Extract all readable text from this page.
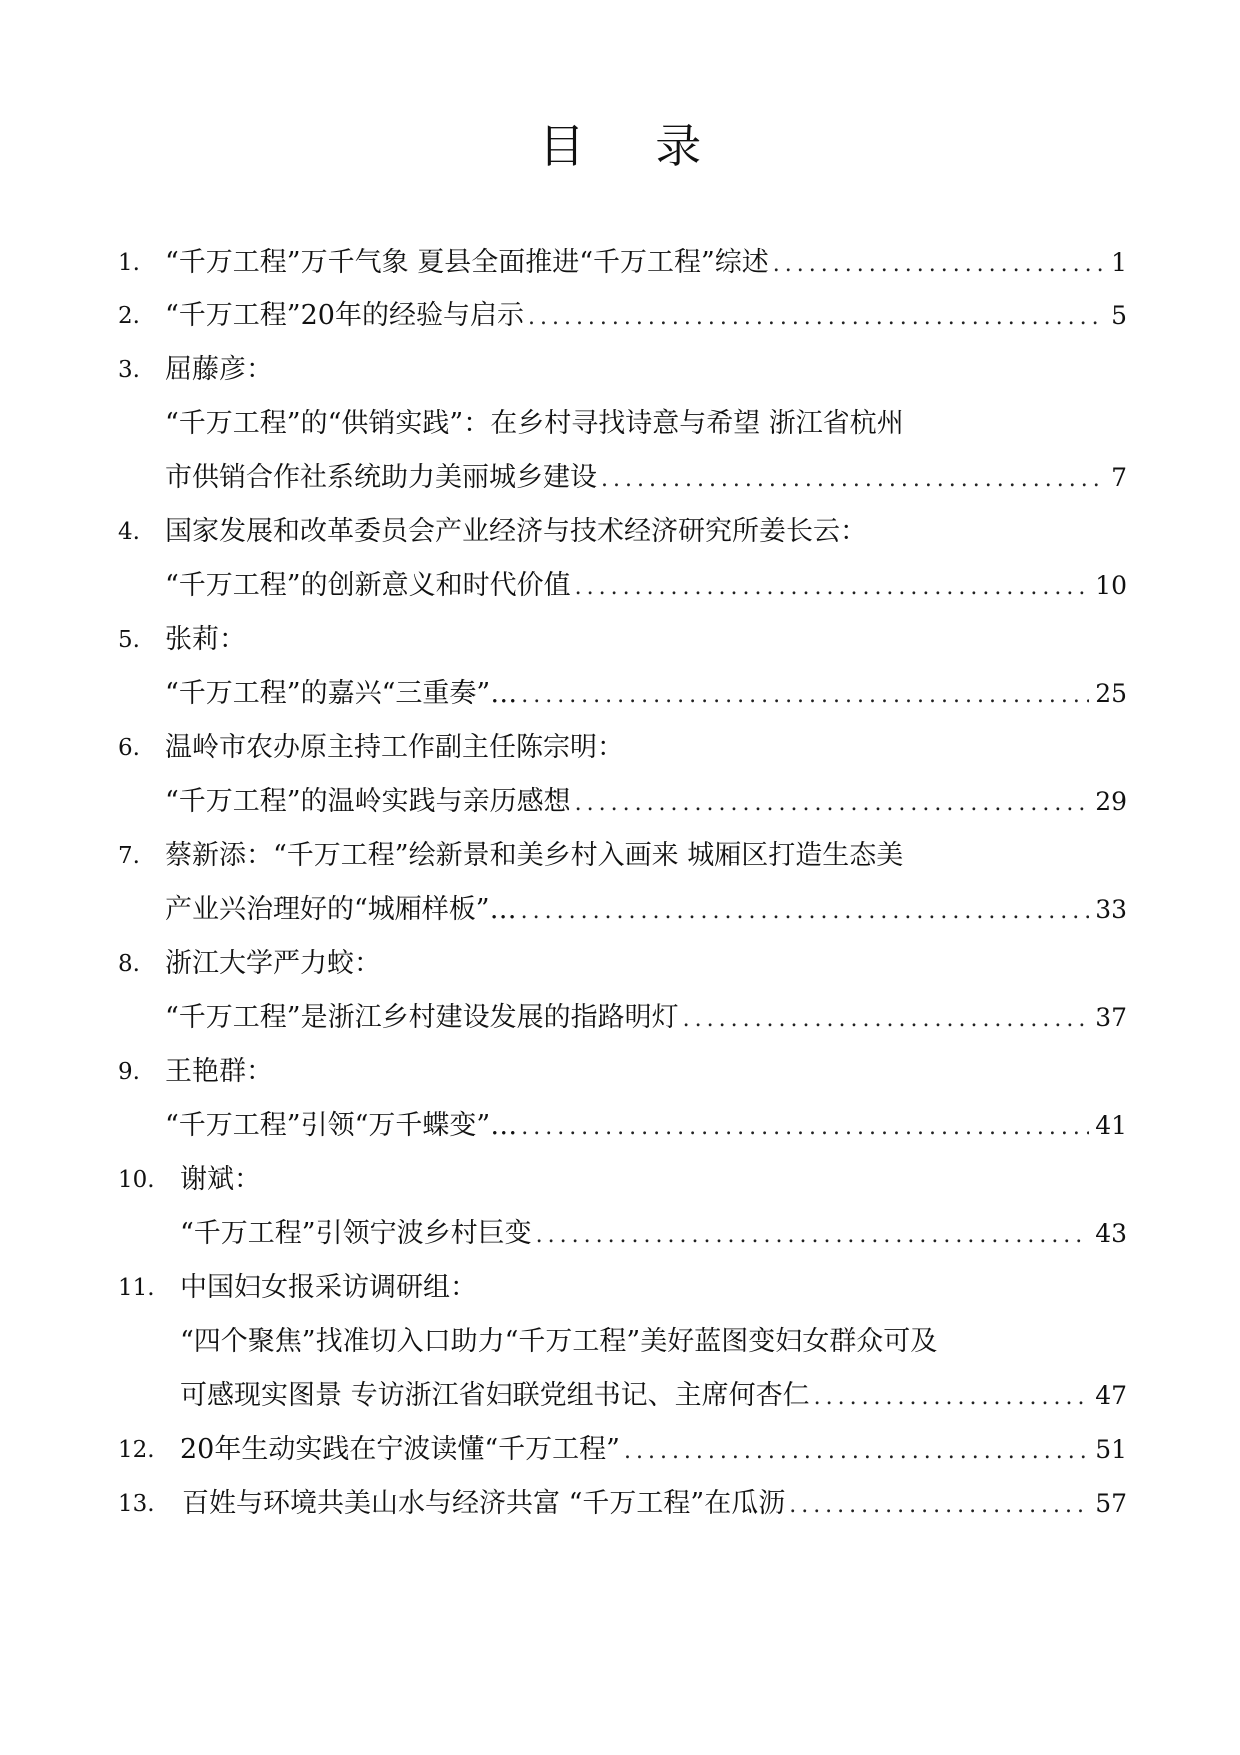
目 录
1. “千万工程”万千气象 夏县全面推进“千万工程”综述 .....	1
2. “千万工程”20年的经验与启示 .....	5
3. 屈藤彦：
“千万工程”的“供销实践”：在乡村寻找诗意与希望 浙江省杭州
市供销合作社系统助力美丽城乡建设 .....	7
4. 国家发展和改革委员会产业经济与技术经济研究所姜长云：
“千万工程”的创新意义和时代价值 .....	10
5. 张莉：
“千万工程”的嘉兴“三重奏”… .....	25
6. 温岭市农办原主持工作副主任陈宗明：
“千万工程”的温岭实践与亲历感想 .....	29
7. 蔡新添：“千万工程”绘新景和美乡村入画来 城厢区打造生态美
产业兴治理好的“城厢样板”… .....	33
8. 浙江大学严力蛟：
“千万工程”是浙江乡村建设发展的指路明灯 .....	37
9. 王艳群：
“千万工程”引领“万千蝶变”… .....	41
10. 谢斌：
“千万工程”引领宁波乡村巨变 .....	43
11. 中国妇女报采访调研组：
“四个聚焦”找准切入口助力“千万工程”美好蓝图变妇女群众可及
可感现实图景 专访浙江省妇联党组书记、主席何杏仁 .....	47
12. 20年生动实践在宁波读懂“千万工程” .....	51
13. 百姓与环境共美山水与经济共富 “千万工程”在瓜沥 .....	57
